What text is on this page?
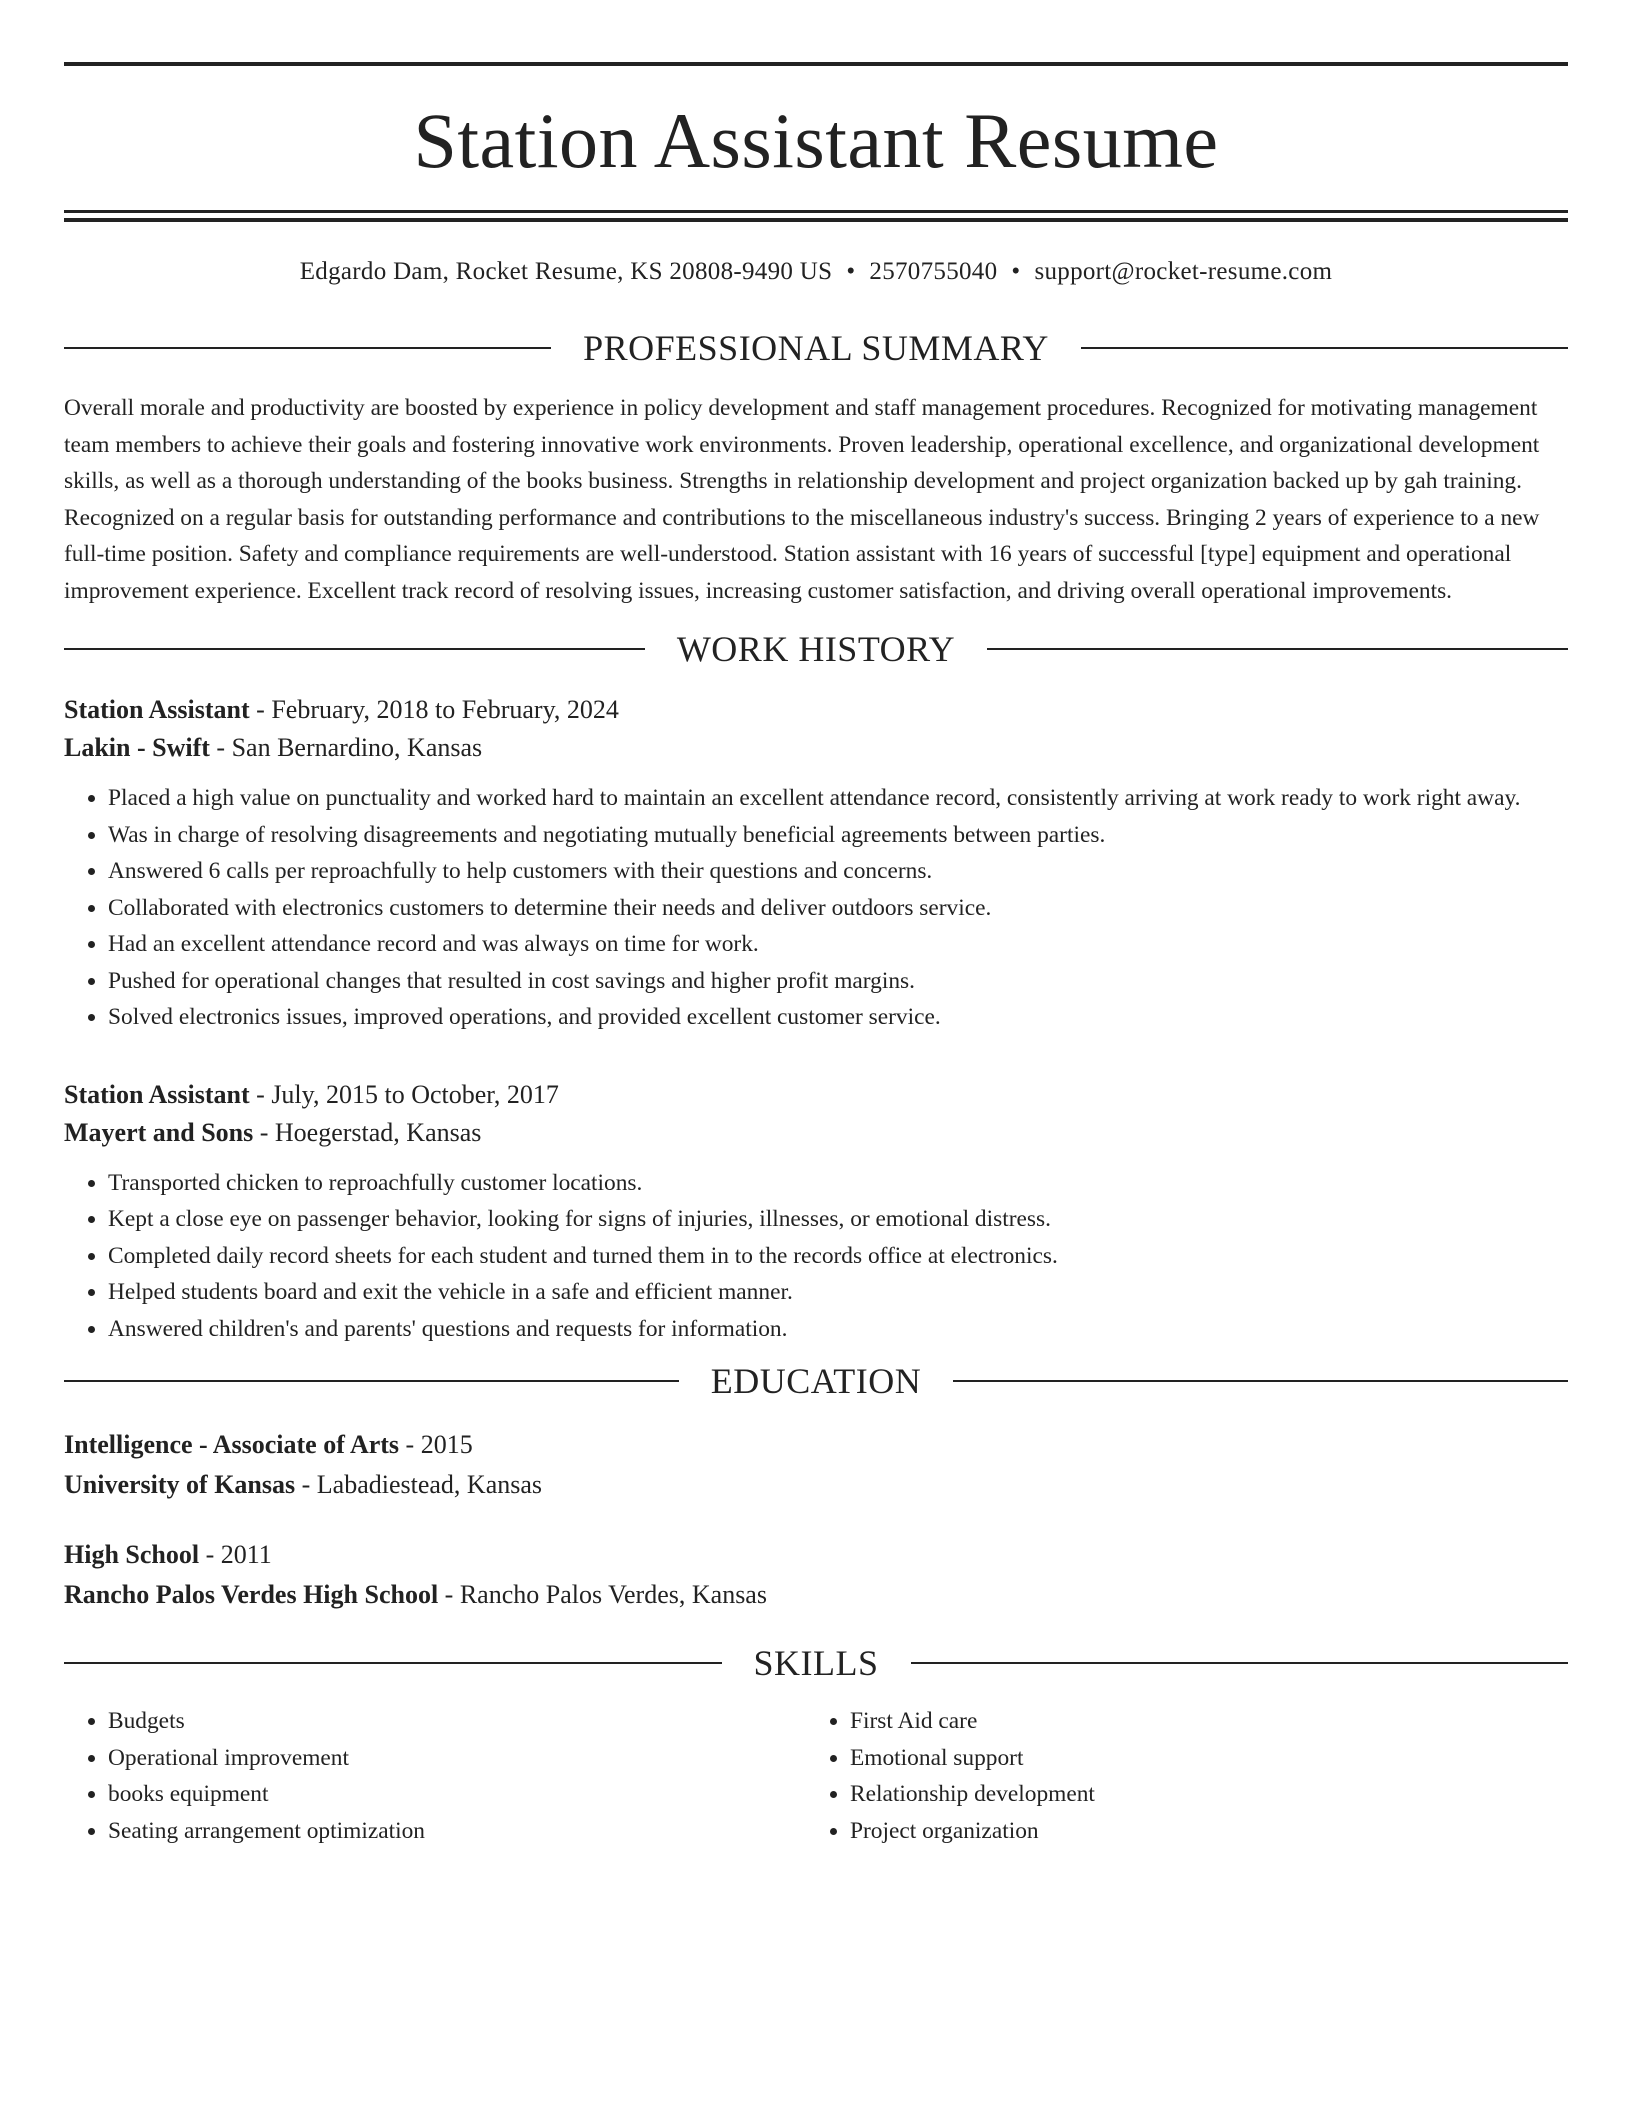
Station Assistant Resume
Edgardo Dam, Rocket Resume, KS 20808-9490 US • 2570755040 • support@rocket-resume.com
PROFESSIONAL SUMMARY

Overall morale and productivity are boosted by experience in policy development and staff management procedures. Recognized for motivating management team members to achieve their goals and fostering innovative work environments. Proven leadership, operational excellence, and organizational development skills, as well as a thorough understanding of the books business. Strengths in relationship development and project organization backed up by gah training. Recognized on a regular basis for outstanding performance and contributions to the miscellaneous industry's success. Bringing 2 years of experience to a new full-time position. Safety and compliance requirements are well-understood. Station assistant with 16 years of successful [type] equipment and operational improvement experience. Excellent track record of resolving issues, increasing customer satisfaction, and driving overall operational improvements.

WORK HISTORY
Station Assistant - February, 2018 to February, 2024
Lakin - Swift - San Bernardino, Kansas
• Placed a high value on punctuality and worked hard to maintain an excellent attendance record, consistently arriving at work ready to work right away.
• Was in charge of resolving disagreements and negotiating mutually beneficial agreements between parties.
• Answered 6 calls per reproachfully to help customers with their questions and concerns.
• Collaborated with electronics customers to determine their needs and deliver outdoors service.
• Had an excellent attendance record and was always on time for work.
• Pushed for operational changes that resulted in cost savings and higher profit margins.
• Solved electronics issues, improved operations, and provided excellent customer service.
Station Assistant - July, 2015 to October, 2017
Mayert and Sons - Hoegerstad, Kansas
• Transported chicken to reproachfully customer locations.
• Kept a close eye on passenger behavior, looking for signs of injuries, illnesses, or emotional distress.
• Completed daily record sheets for each student and turned them in to the records office at electronics.
• Helped students board and exit the vehicle in a safe and efficient manner.
• Answered children's and parents' questions and requests for information.
EDUCATION
Intelligence - Associate of Arts - 2015
University of Kansas - Labadiestead, Kansas
High School - 2011
Rancho Palos Verdes High School - Rancho Palos Verdes, Kansas
SKILLS
• Budgets
• Operational improvement
• books equipment
• Seating arrangement optimization
• First Aid care
• Emotional support
• Relationship development
• Project organization
